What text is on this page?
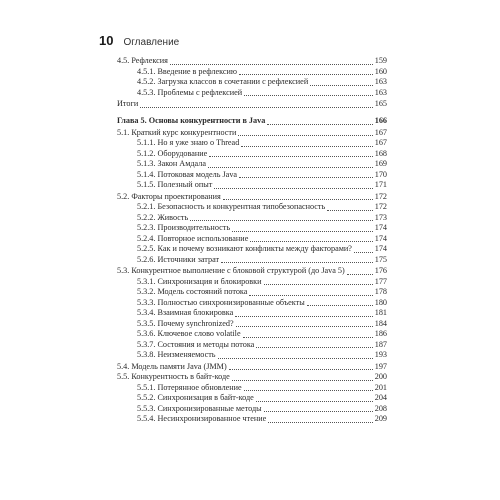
10 Оглавление
4.5. Рефлексия	159
4.5.1. Введение в рефлексию	160
4.5.2. Загрузка классов в сочетании с рефлексией	163
4.5.3. Проблемы с рефлексией	163
Итоги	165
Глава 5. Основы конкурентности в Java	166
5.1. Краткий курс конкурентности	167
5.1.1. Но я уже знаю о Thread	167
5.1.2. Оборудование	168
5.1.3. Закон Амдала	169
5.1.4. Потоковая модель Java	170
5.1.5. Полезный опыт	171
5.2. Факторы проектирования	172
5.2.1. Безопасность и конкурентная типобезопасность	172
5.2.2. Живость	173
5.2.3. Производительность	174
5.2.4. Повторное использование	174
5.2.5. Как и почему возникают конфликты между факторами?	174
5.2.6. Источники затрат	175
5.3. Конкурентное выполнение с блоковой структурой (до Java 5)	176
5.3.1. Синхронизация и блокировки	177
5.3.2. Модель состояний потока	178
5.3.3. Полностью синхронизированные объекты	180
5.3.4. Взаимная блокировка	181
5.3.5. Почему synchronized?	184
5.3.6. Ключевое слово volatile	186
5.3.7. Состояния и методы потока	187
5.3.8. Неизменяемость	193
5.4. Модель памяти Java (JMM)	197
5.5. Конкурентность в байт-коде	200
5.5.1. Потерянное обновление	201
5.5.2. Синхронизация в байт-коде	204
5.5.3. Синхронизированные методы	208
5.5.4. Несинхронизированное чтение	209
